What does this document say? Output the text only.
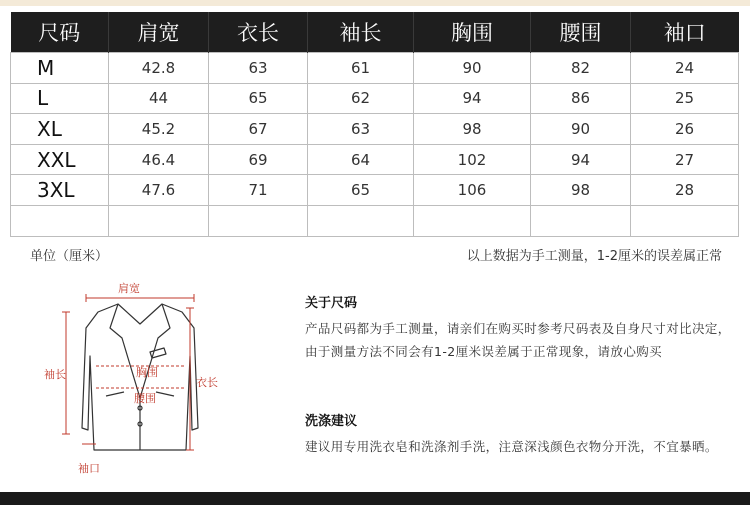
尺码	肩宽	衣长	袖长	胸围	腰围	袖口
M	42.8	63	61	90	82	24
L	44	65	62	94	86	25
XL	45.2	67	63	98	90	26
XXL	46.4	69	64	102	94	27
3XL	47.6	71	65	106	98	28

单位（厘米）	以上数据为手工测量，1-2厘米的误差属正常
肩宽
袖长	胸围
腰围
衣长
袖口
关于尺码
产品尺码都为手工测量，请亲们在购买时参考尺码表及自身尺寸对比决定，由于测量方法不同会有1-2厘米误差属于正常现象，请放心购买
洗涤建议
建议用专用洗衣皂和洗涤剂手洗，注意深浅颜色衣物分开洗，不宜暴晒。
